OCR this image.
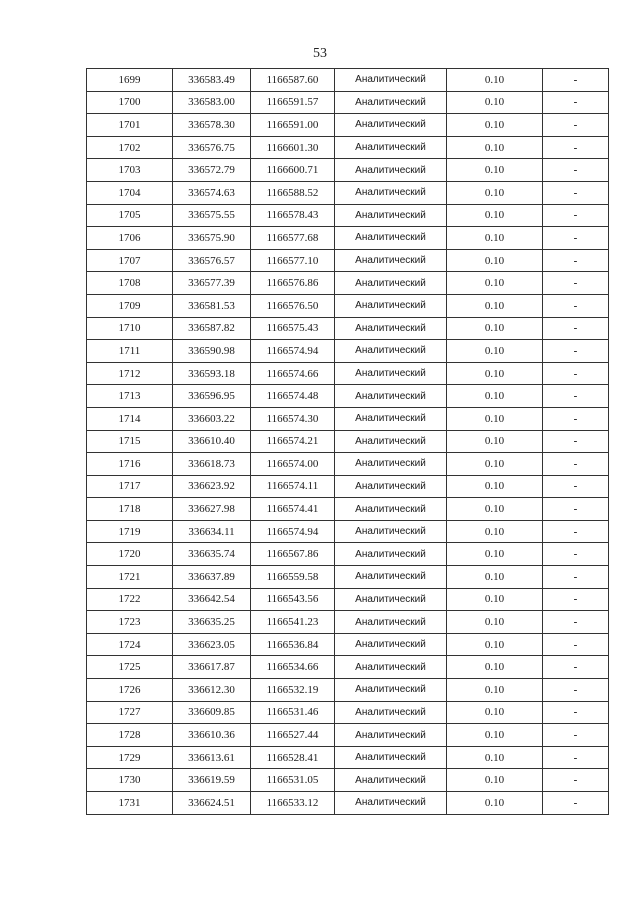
53
1699	336583.49	1166587.60	Аналитический	0.10	-
1700	336583.00	1166591.57	Аналитический	0.10	-
1701	336578.30	1166591.00	Аналитический	0.10	-
1702	336576.75	1166601.30	Аналитический	0.10	-
1703	336572.79	1166600.71	Аналитический	0.10	-
1704	336574.63	1166588.52	Аналитический	0.10	-
1705	336575.55	1166578.43	Аналитический	0.10	-
1706	336575.90	1166577.68	Аналитический	0.10	-
1707	336576.57	1166577.10	Аналитический	0.10	-
1708	336577.39	1166576.86	Аналитический	0.10	-
1709	336581.53	1166576.50	Аналитический	0.10	-
1710	336587.82	1166575.43	Аналитический	0.10	-
1711	336590.98	1166574.94	Аналитический	0.10	-
1712	336593.18	1166574.66	Аналитический	0.10	-
1713	336596.95	1166574.48	Аналитический	0.10	-
1714	336603.22	1166574.30	Аналитический	0.10	-
1715	336610.40	1166574.21	Аналитический	0.10	-
1716	336618.73	1166574.00	Аналитический	0.10	-
1717	336623.92	1166574.11	Аналитический	0.10	-
1718	336627.98	1166574.41	Аналитический	0.10	-
1719	336634.11	1166574.94	Аналитический	0.10	-
1720	336635.74	1166567.86	Аналитический	0.10	-
1721	336637.89	1166559.58	Аналитический	0.10	-
1722	336642.54	1166543.56	Аналитический	0.10	-
1723	336635.25	1166541.23	Аналитический	0.10	-
1724	336623.05	1166536.84	Аналитический	0.10	-
1725	336617.87	1166534.66	Аналитический	0.10	-
1726	336612.30	1166532.19	Аналитический	0.10	-
1727	336609.85	1166531.46	Аналитический	0.10	-
1728	336610.36	1166527.44	Аналитический	0.10	-
1729	336613.61	1166528.41	Аналитический	0.10	-
1730	336619.59	1166531.05	Аналитический	0.10	-
1731	336624.51	1166533.12	Аналитический	0.10	-
